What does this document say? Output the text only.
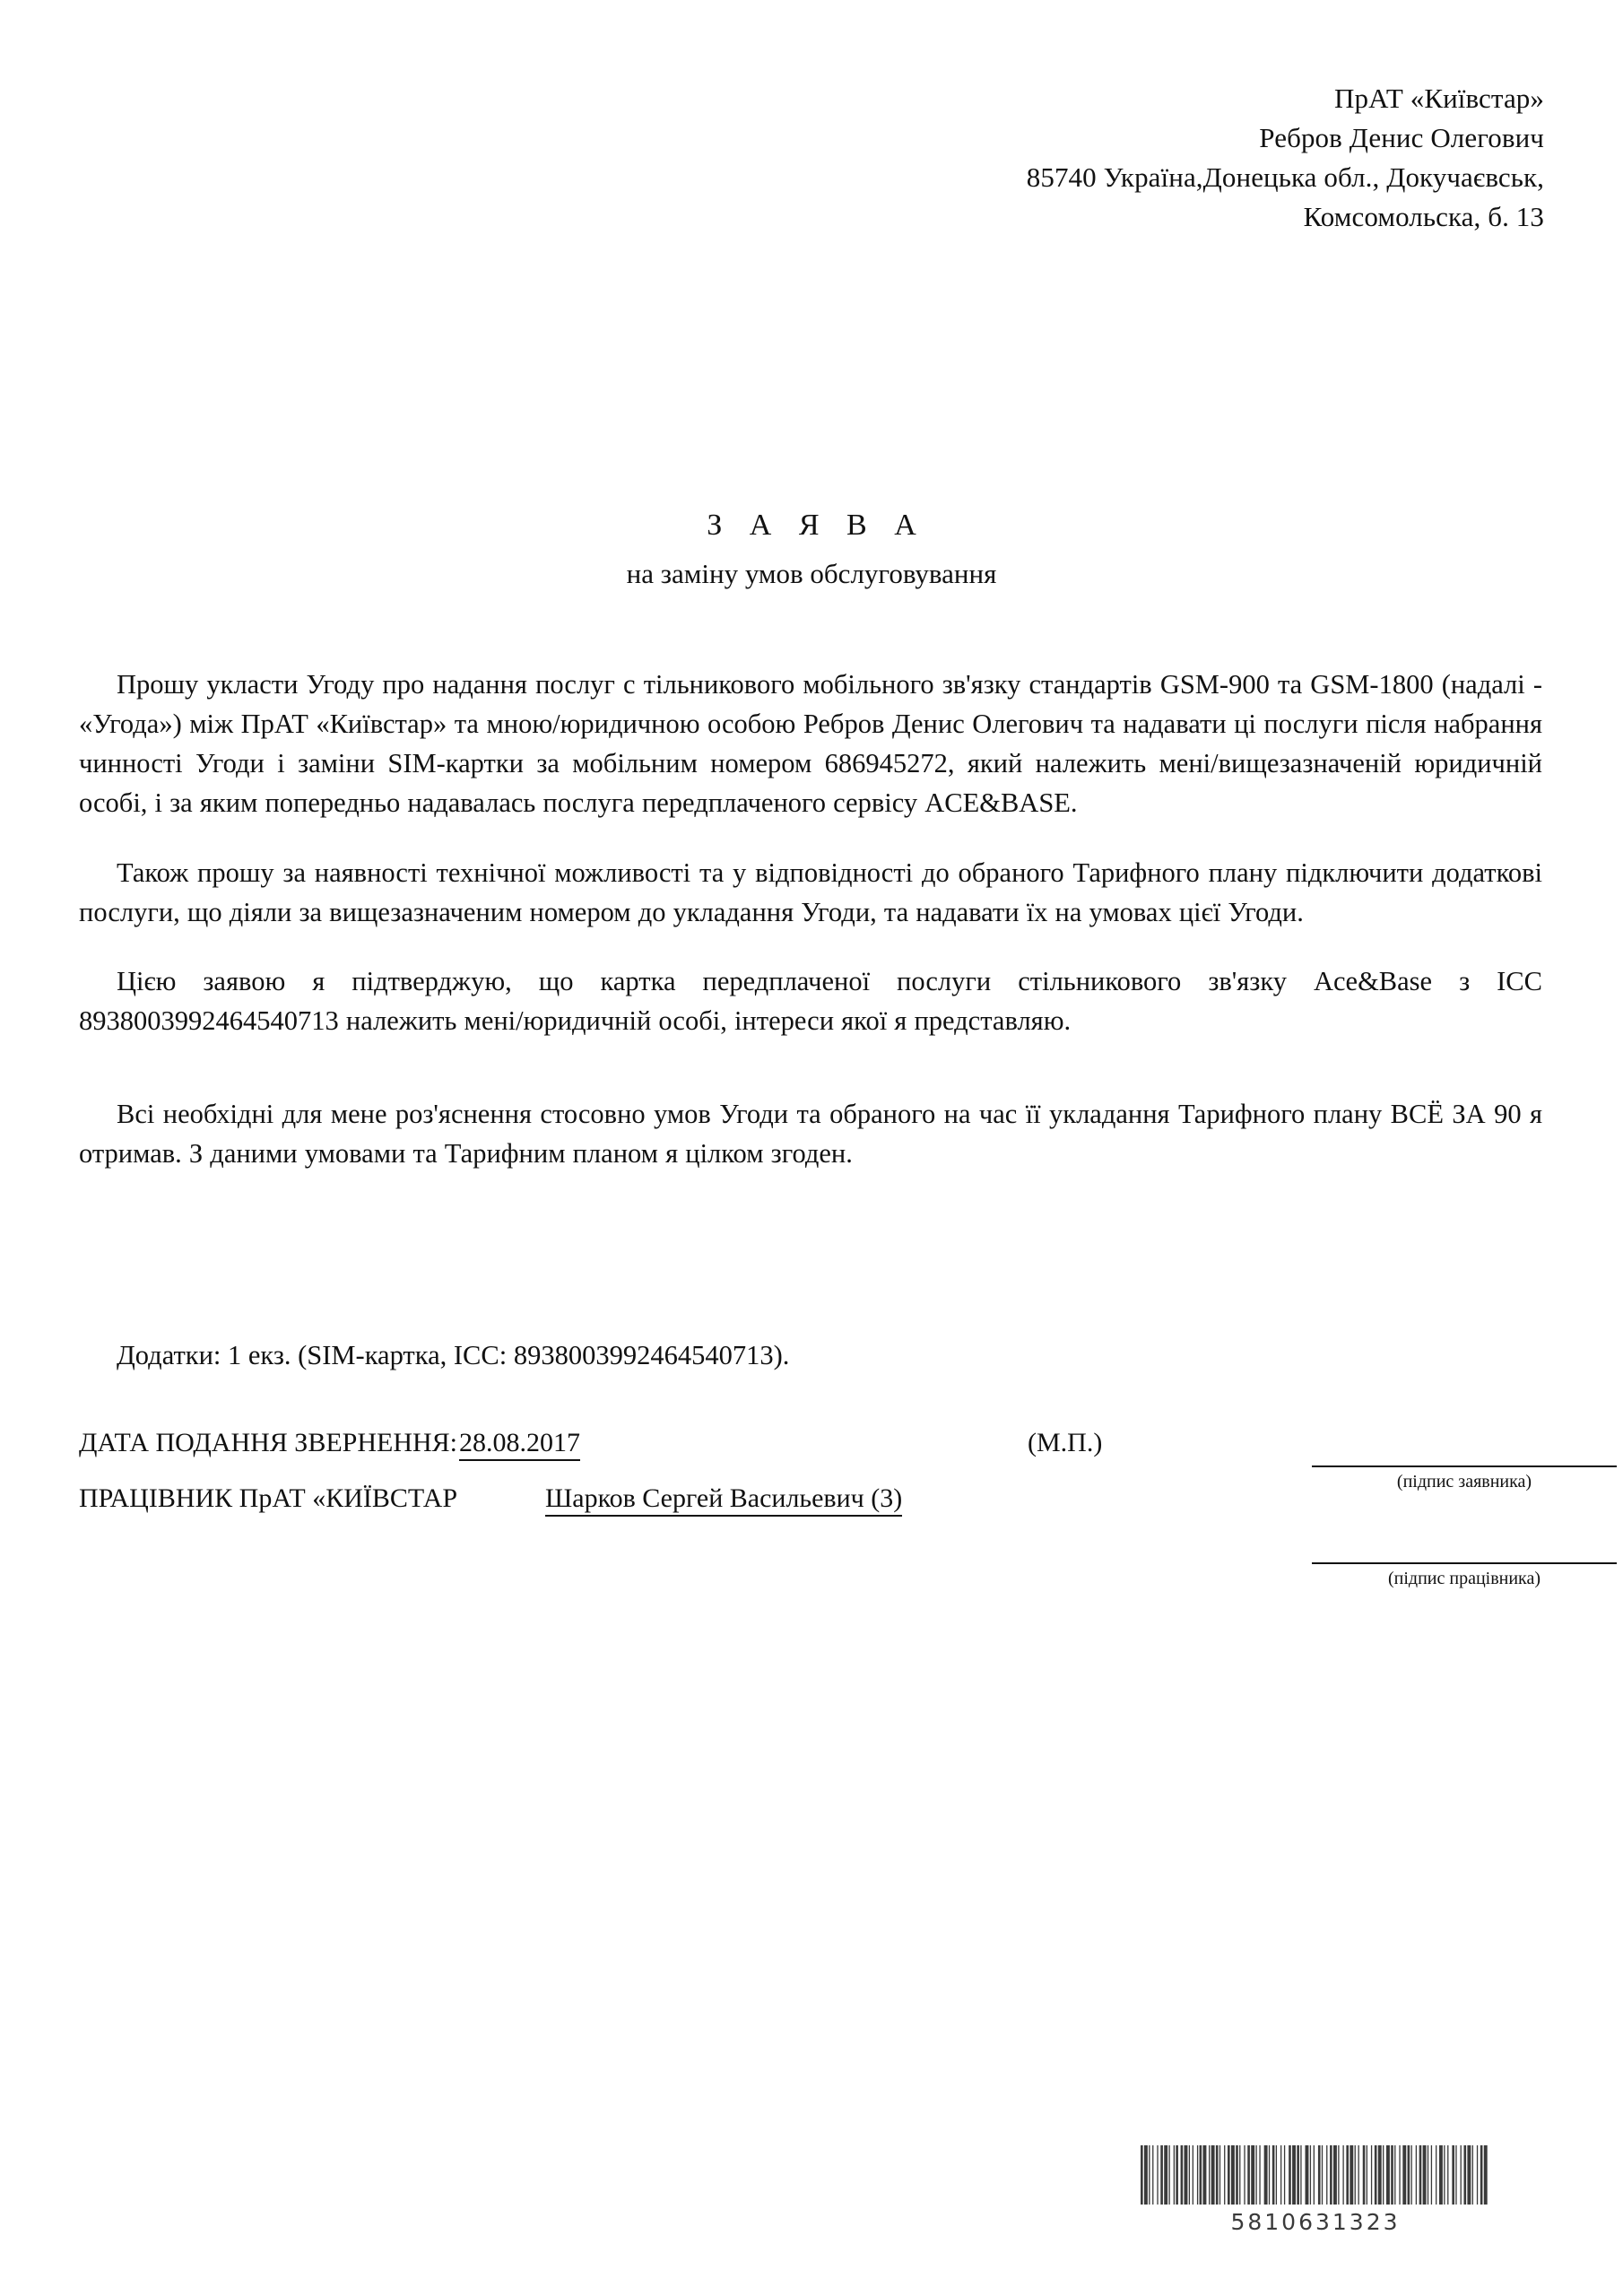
ПрАТ «Київстар»
Ребров Денис Олегович
85740 Україна,Донецька обл., Докучаєвськ,
Комсомольска, б. 13
З А Я В А
на заміну умов обслуговування

Прошу укласти Угоду про надання послуг с тільникового мобільного зв'язку стандартів GSM-900 та GSM-1800 (надалі - «Угода») між ПрАТ «Київстар» та мною/юридичною особою Ребров Денис Олегович та надавати ці послуги після набрання чинності Угоди і заміни SIM-картки за мобільним номером 686945272, який належить мені/вищезазначеній юридичній особі, і за яким попередньо надавалась послуга передплаченого сервісу ACE&BASE.

Також прошу за наявності технічної можливості та у відповідності до обраного Тарифного плану підключити додаткові послуги, що діяли за вищезазначеним номером до укладання Угоди, та надавати їх на умовах цієї Угоди.

Цією заявою я підтверджую, що картка передплаченої послуги стільникового зв'язку Ace&Base з ICC 8938003992464540713 належить мені/юридичній особі, інтереси якої я представляю.

Всі необхідні для мене роз'яснення стосовно умов Угоди та обраного на час її укладання Тарифного плану ВСЁ ЗА 90 я отримав. З даними умовами та Тарифним планом я цілком згоден.

Додатки: 1 екз. (SIM-картка, ICC: 8938003992464540713).
ДАТА ПОДАННЯ ЗВЕРНЕННЯ: 28.08.2017	(М.П.)
ПРАЦІВНИК ПрАТ «КИЇВСТАР	Шарков Сергей Васильевич (3)
(підпис заявника)
(підпис працівника)
5810631323
